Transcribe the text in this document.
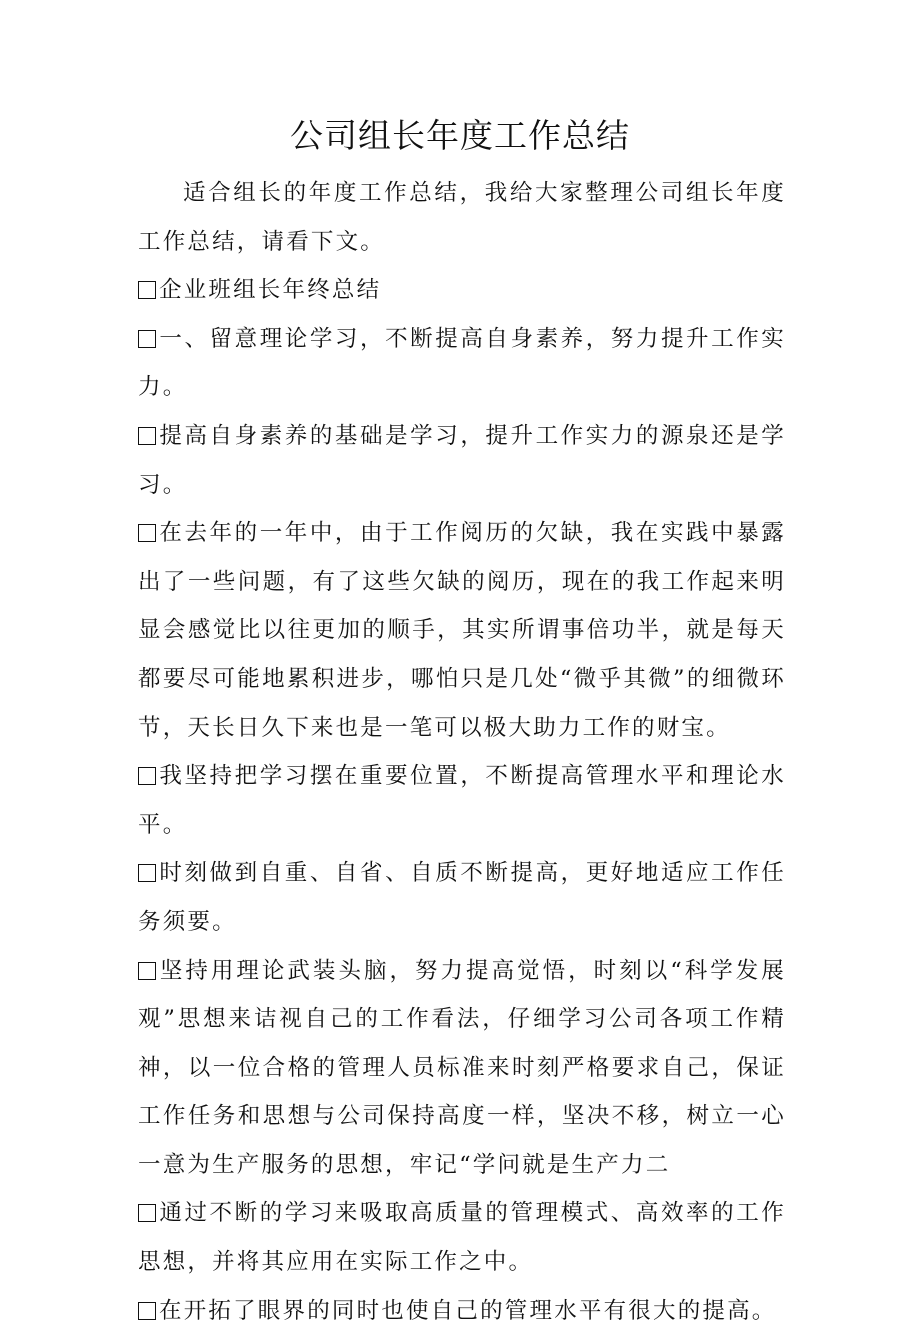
公司组长年度工作总结

适合组长的年度工作总结，我给大家整理公司组长年度工作总结，请看下文。

企业班组长年终总结

一、留意理论学习，不断提高自身素养，努力提升工作实力。

提高自身素养的基础是学习，提升工作实力的源泉还是学习。

在去年的一年中，由于工作阅历的欠缺，我在实践中暴露出了一些问题，有了这些欠缺的阅历，现在的我工作起来明显会感觉比以往更加的顺手，其实所谓事倍功半，就是每天都要尽可能地累积进步，哪怕只是几处“微乎其微”的细微环节，天长日久下来也是一笔可以极大助力工作的财宝。

我坚持把学习摆在重要位置，不断提高管理水平和理论水平。

时刻做到自重、自省、自质不断提高，更好地适应工作任务须要。

坚持用理论武装头脑，努力提高觉悟，时刻以“科学发展观”思想来诘视自己的工作看法，仔细学习公司各项工作精神，以一位合格的管理人员标准来时刻严格要求自己，保证工作任务和思想与公司保持高度一样，坚决不移，树立一心一意为生产服务的思想，牢记“学问就是生产力二

通过不断的学习来吸取高质量的管理模式、高效率的工作思想，并将其应用在实际工作之中。

在开拓了眼界的同时也使自己的管理水平有很大的提高。
